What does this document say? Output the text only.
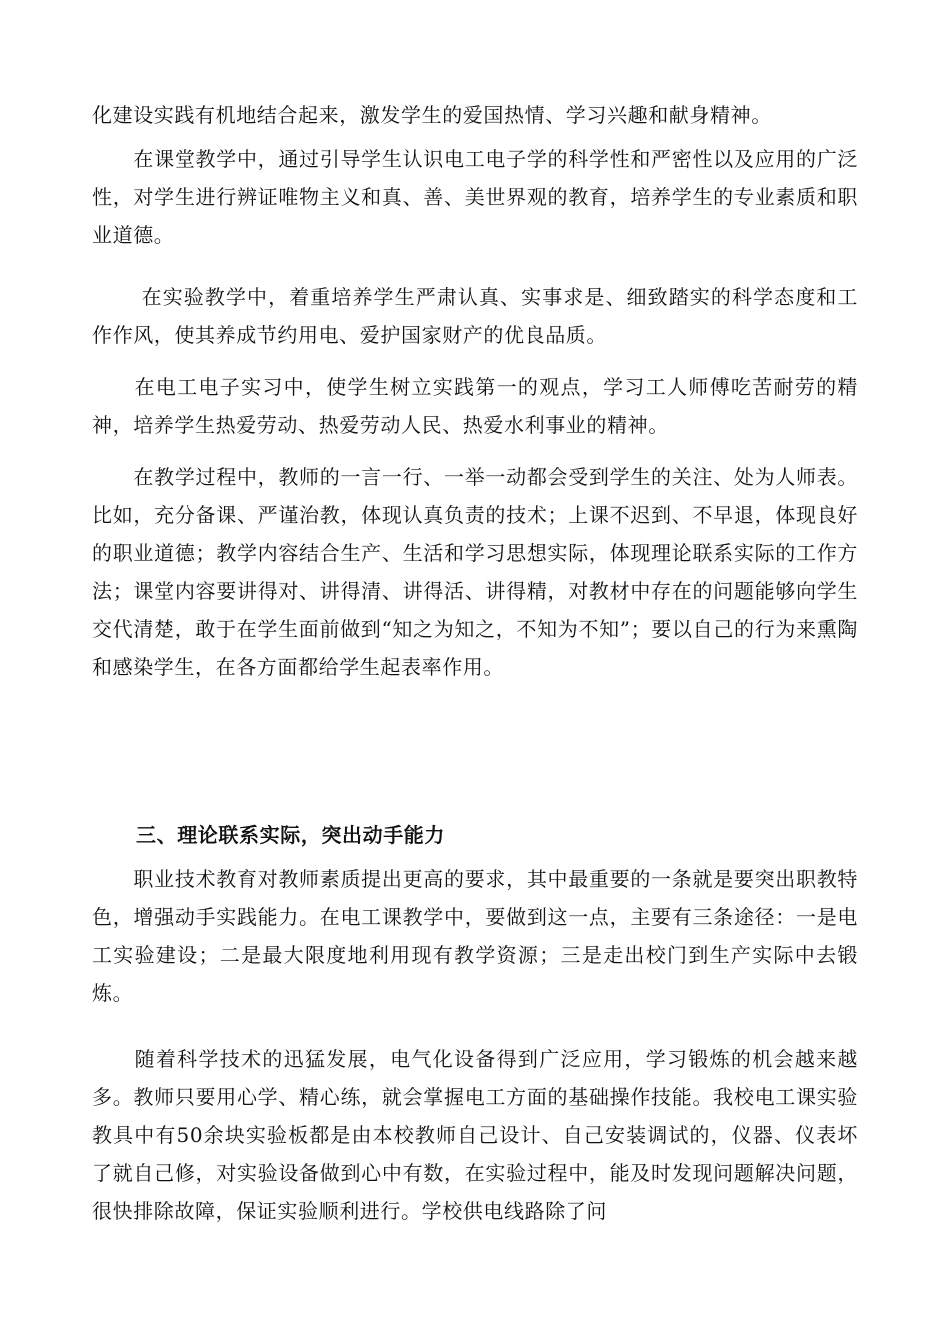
化建设实践有机地结合起来，激发学生的爱国热情、学习兴趣和献身精神。

　　在课堂教学中，通过引导学生认识电工电子学的科学性和严密性以及应用的广泛性，对学生进行辨证唯物主义和真、善、美世界观的教育，培养学生的专业素质和职业道德。

　　 在实验教学中，着重培养学生严肃认真、实事求是、细致踏实的科学态度和工作作风，使其养成节约用电、爱护国家财产的优良品质。

　　在电工电子实习中，使学生树立实践第一的观点，学习工人师傅吃苦耐劳的精神，培养学生热爱劳动、热爱劳动人民、热爱水利事业的精神。

　　在教学过程中，教师的一言一行、一举一动都会受到学生的关注、处为人师表。比如，充分备课、严谨治教，体现认真负责的技术；上课不迟到、不早退，体现良好的职业道德；教学内容结合生产、生活和学习思想实际，体现理论联系实际的工作方法；课堂内容要讲得对、讲得清、讲得活、讲得精，对教材中存在的问题能够向学生交代清楚，敢于在学生面前做到“知之为知之，不知为不知”；要以自己的行为来熏陶和感染学生，在各方面都给学生起表率作用。

三、理论联系实际，突出动手能力

　　职业技术教育对教师素质提出更高的要求，其中最重要的一条就是要突出职教特色，增强动手实践能力。在电工课教学中，要做到这一点，主要有三条途径：一是电工实验建设；二是最大限度地利用现有教学资源；三是走出校门到生产实际中去锻炼。

　　随着科学技术的迅猛发展，电气化设备得到广泛应用，学习锻炼的机会越来越多。教师只要用心学、精心练，就会掌握电工方面的基础操作技能。我校电工课实验教具中有50余块实验板都是由本校教师自己设计、自己安装调试的，仪器、仪表坏了就自己修，对实验设备做到心中有数，在实验过程中，能及时发现问题解决问题，很快排除故障，保证实验顺利进行。学校供电线路除了问
